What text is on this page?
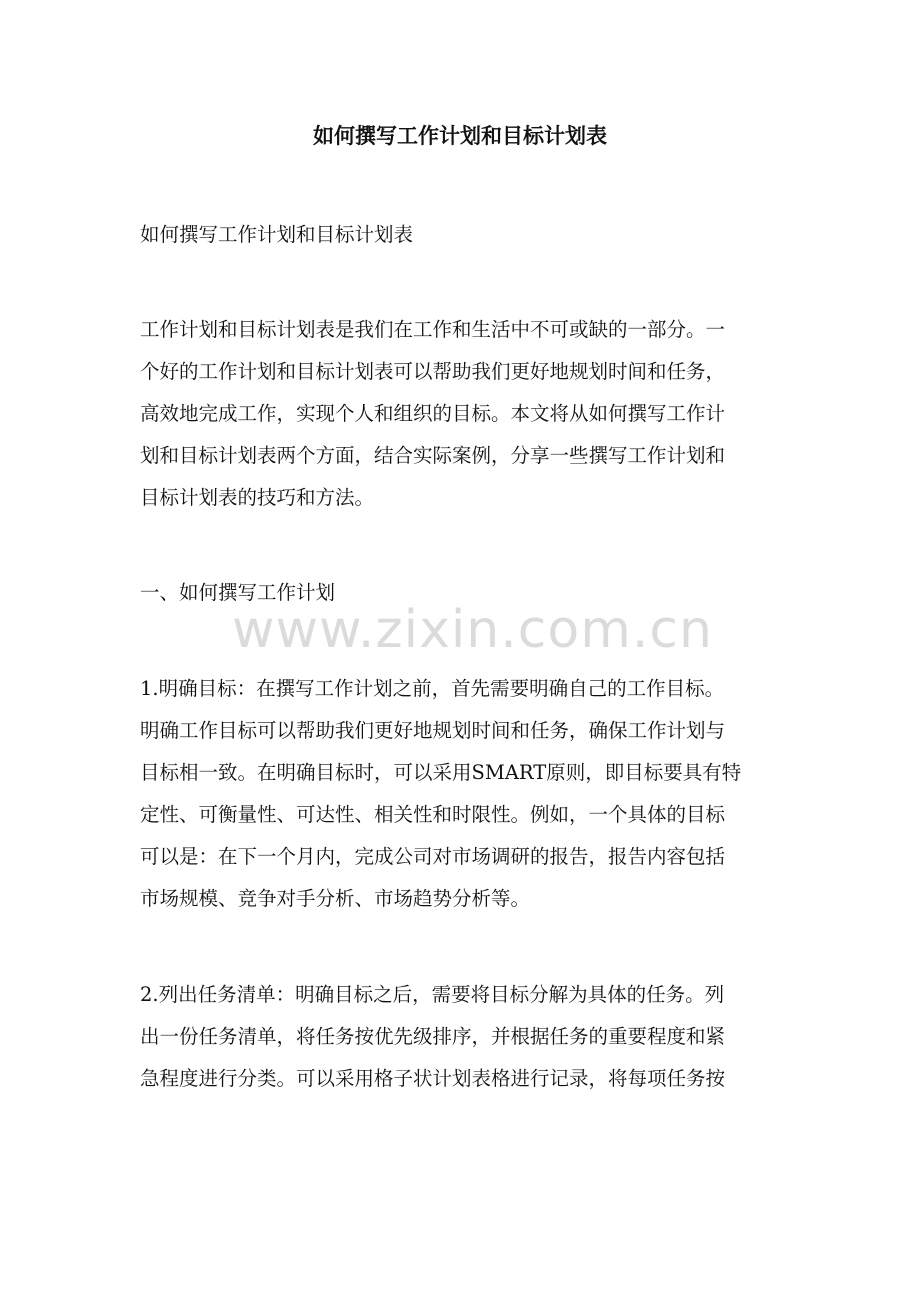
如何撰写工作计划和目标计划表

如何撰写工作计划和目标计划表

工作计划和目标计划表是我们在工作和生活中不可或缺的一部分。一

个好的工作计划和目标计划表可以帮助我们更好地规划时间和任务，

高效地完成工作，实现个人和组织的目标。本文将从如何撰写工作计

划和目标计划表两个方面，结合实际案例，分享一些撰写工作计划和

目标计划表的技巧和方法。

一、如何撰写工作计划

1.明确目标：在撰写工作计划之前，首先需要明确自己的工作目标。

明确工作目标可以帮助我们更好地规划时间和任务，确保工作计划与

目标相一致。在明确目标时，可以采用SMART原则，即目标要具有特

定性、可衡量性、可达性、相关性和时限性。例如，一个具体的目标

可以是：在下一个月内，完成公司对市场调研的报告，报告内容包括

市场规模、竞争对手分析、市场趋势分析等。

2.列出任务清单：明确目标之后，需要将目标分解为具体的任务。列

出一份任务清单，将任务按优先级排序，并根据任务的重要程度和紧

急程度进行分类。可以采用格子状计划表格进行记录，将每项任务按

www.zixin.com.cn
